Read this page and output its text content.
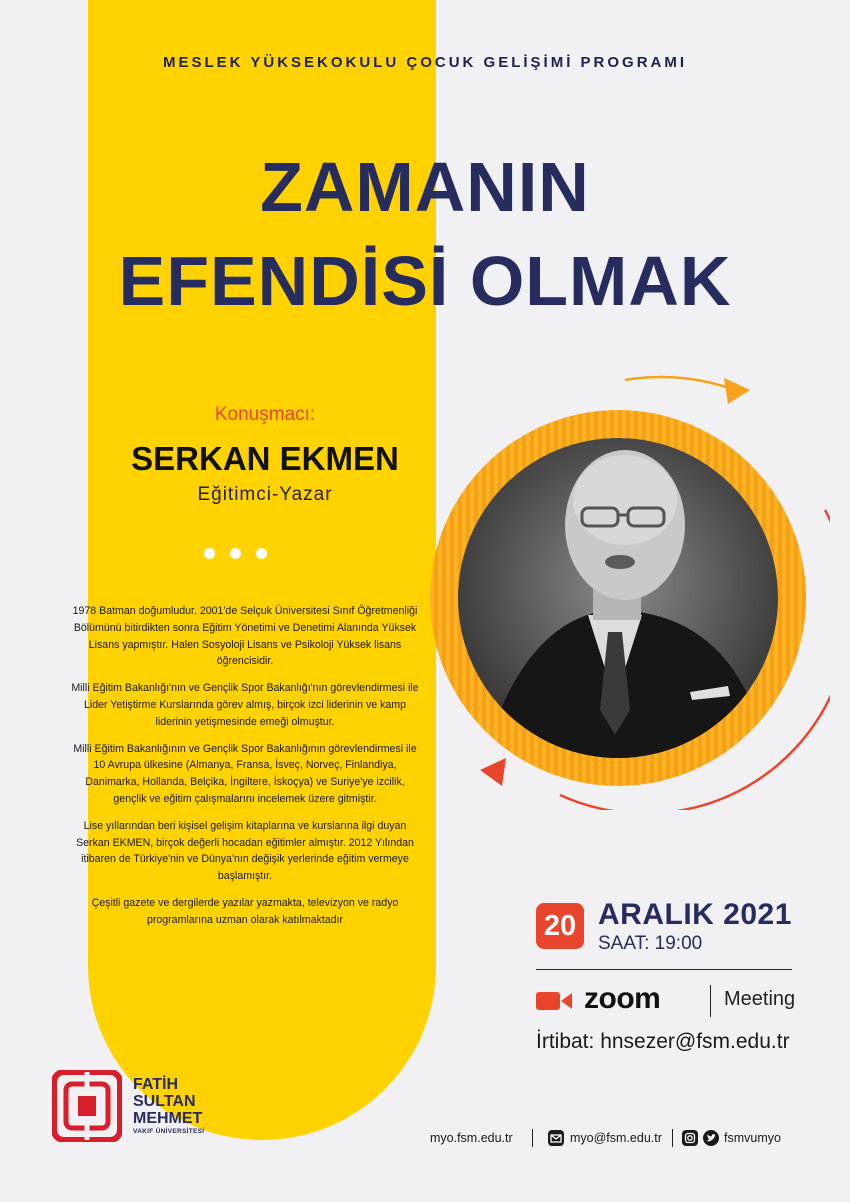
MESLEK YÜKSEKOKULU ÇOCUK GELİŞİMİ PROGRAMI
ZAMANIN
EFENDİSİ OLMAK
Konuşmacı:
SERKAN EKMEN
Eğitimci-Yazar

1978 Batman doğumludur. 2001'de Selçuk Üniversitesi Sınıf Öğretmenliği Bölümünü bitirdikten sonra Eğitim Yönetimi ve Denetimi Alanında Yüksek Lisans yapmıştır. Halen Sosyoloji Lisans ve Psikoloji Yüksek lisans öğrencisidir.

Milli Eğitim Bakanlığı'nın ve Gençlik Spor Bakanlığı'nın görevlendirmesi ile Lider Yetiştirme Kurslarında görev almış, birçok izci liderinin ve kamp liderinin yetişmesinde emeği olmuştur.

Milli Eğitim Bakanlığının ve Gençlik Spor Bakanlığının görevlendirmesi ile 10 Avrupa ülkesine (Almanya, Fransa, İsveç, Norveç, Finlandiya, Danimarka, Hollanda, Belçika, İngiltere, İskoçya) ve Suriye'ye izcilik, gençlik ve eğitim çalışmalarını incelemek üzere gitmiştir.

Lise yıllarından beri kişisel gelişim kitaplarına ve kurslarına ilgi duyan Serkan EKMEN, birçok değerli hocadan eğitimler almıştır. 2012 Yılından itibaren de Türkiye'nin ve Dünya'nın değişik yerlerinde eğitim vermeye başlamıştır.

Çeşitli gazete ve dergilerde yazılar yazmakta, televizyon ve radyo programlarına uzman olarak katılmaktadır	20 ARALIK 2021
SAAT: 19:00
zoom	Meeting
İrtibat: hnsezer@fsm.edu.tr
FATİH
SULTAN
MEHMET
VAKIF ÜNİVERSİTESİ	myo.fsm.edu.tr	myo@fsm.edu.tr	fsmvumyo
